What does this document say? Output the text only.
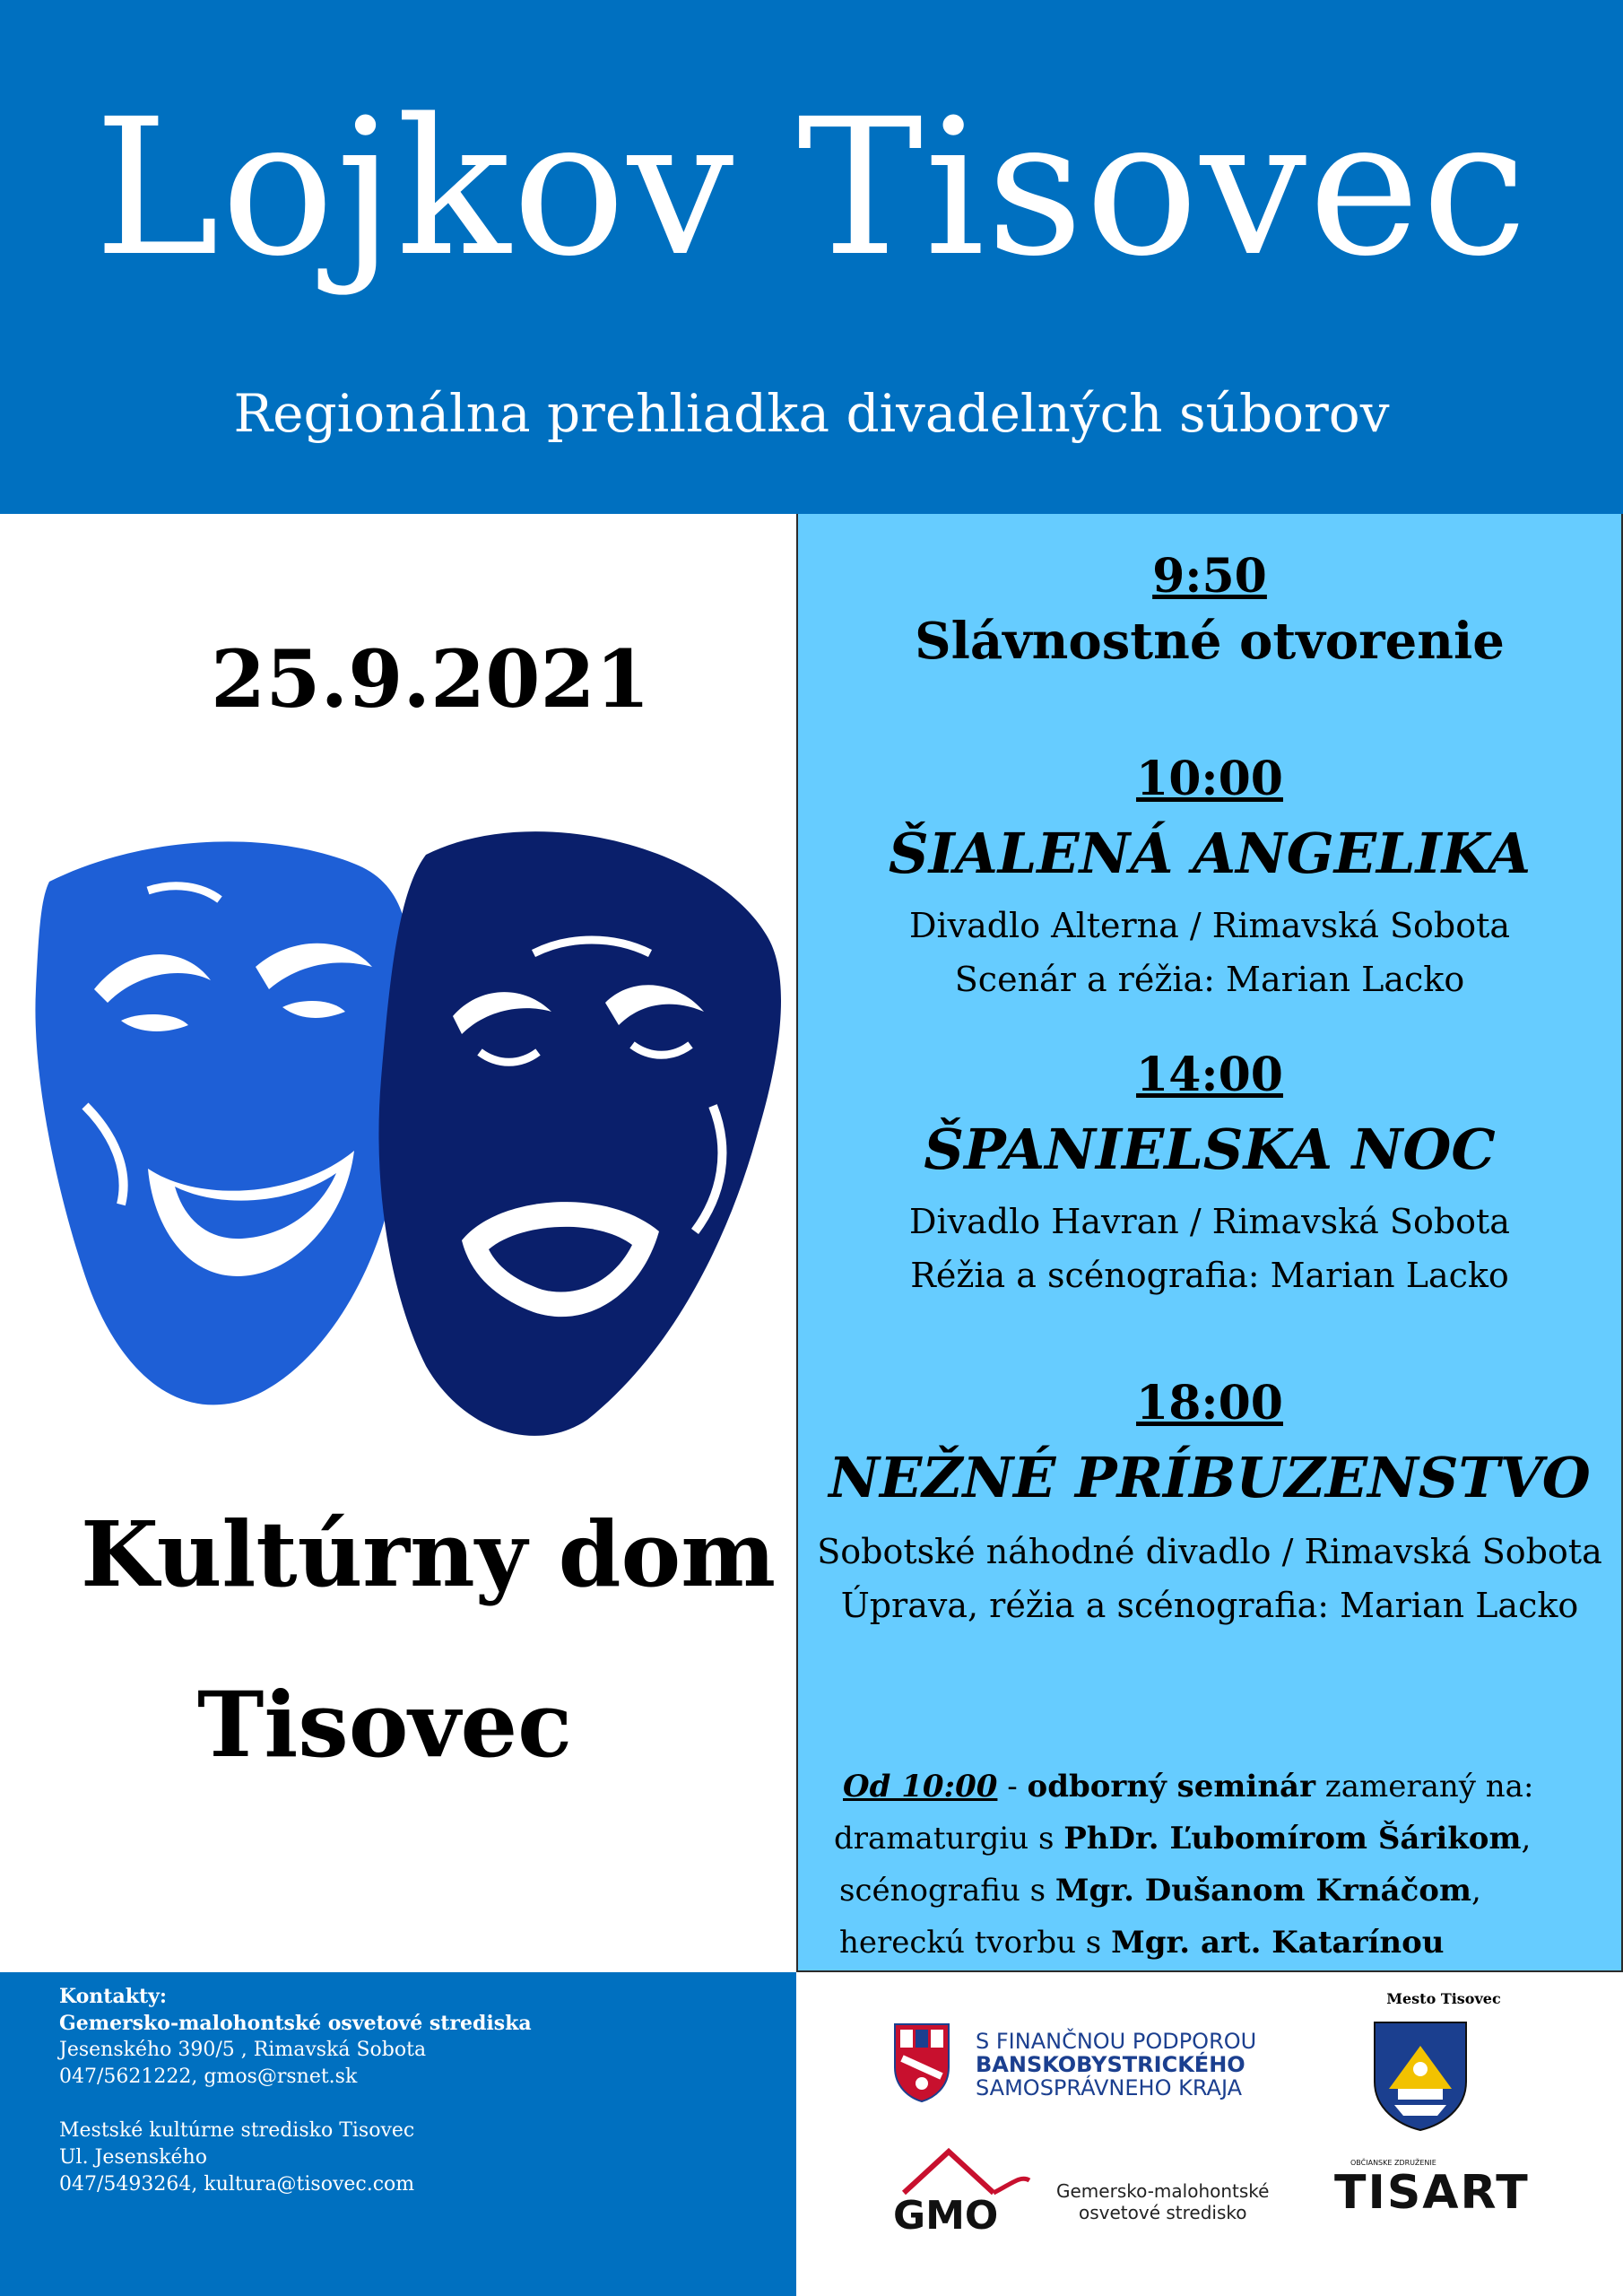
Lojkov Tisovec
Regionálna prehliadka divadelných súborov
25.9.2021
Kultúrny dom
Tisovec
9:50
Slávnostné otvorenie
10:00
ŠIALENÁ ANGELIKA
Divadlo Alterna / Rimavská Sobota
Scenár a réžia: Marian Lacko
14:00
ŠPANIELSKA NOC
Divadlo Havran / Rimavská Sobota
Réžia a scénografia: Marian Lacko
18:00
NEŽNÉ PRÍBUZENSTVO
Sobotské náhodné divadlo / Rimavská Sobota
Úprava, réžia a scénografia: Marian Lacko
Od 10:00 - odborný seminár zameraný na:
dramaturgiu s PhDr. Ľubomírom Šárikom,
scénografiu s Mgr. Dušanom Krnáčom,
hereckú tvorbu s Mgr. art. Katarínou
Kontakty:
Gemersko-malohontské osvetové strediska
Jesenského 390/5 , Rimavská Sobota
047/5621222, gmos@rsnet.sk
Mestské kultúrne stredisko Tisovec
Ul. Jesenského
047/5493264, kultura@tisovec.com
S FINANČNOU PODPOROU
BANSKOBYSTRICKÉHO
SAMOSPRÁVNEHO KRAJA
GMO
Gemersko-malohontské
osvetové stredisko
Mesto Tisovec
OBČIANSKE ZDRUŽENIE
TISART
